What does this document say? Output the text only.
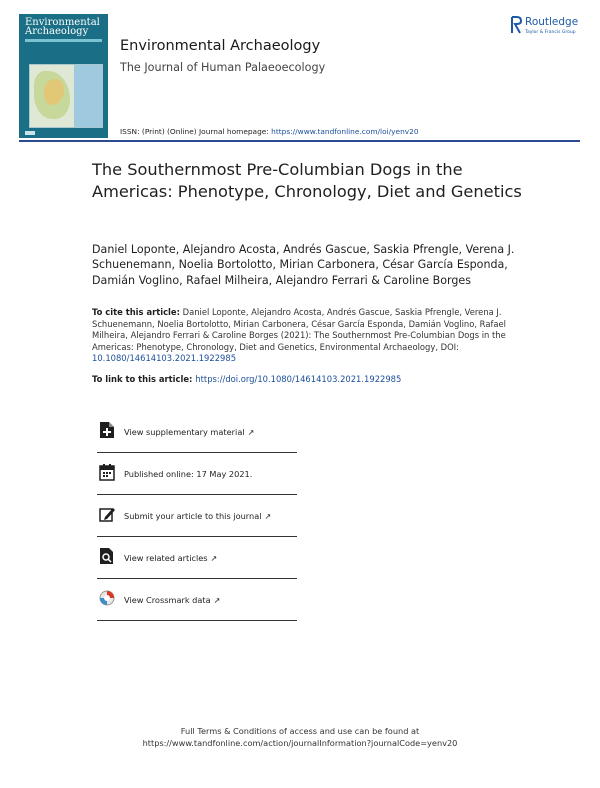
Environmental
Archaeology
Environmental Archaeology
The Journal of Human Palaeoecology
ISSN: (Print) (Online) Journal homepage: https://www.tandfonline.com/loi/yenv20
Routledge
Taylor & Francis Group
The Southernmost Pre-Columbian Dogs in the Americas: Phenotype, Chronology, Diet and Genetics
Daniel Loponte, Alejandro Acosta, Andrés Gascue, Saskia Pfrengle, Verena J. Schuenemann, Noelia Bortolotto, Mirian Carbonera, César García Esponda, Damián Voglino, Rafael Milheira, Alejandro Ferrari & Caroline Borges
To cite this article: Daniel Loponte, Alejandro Acosta, Andrés Gascue, Saskia Pfrengle, Verena J. Schuenemann, Noelia Bortolotto, Mirian Carbonera, César García Esponda, Damián Voglino, Rafael Milheira, Alejandro Ferrari & Caroline Borges (2021): The Southernmost Pre-Columbian Dogs in the Americas: Phenotype, Chronology, Diet and Genetics, Environmental Archaeology, DOI: 10.1080/14614103.2021.1922985
To link to this article: https://doi.org/10.1080/14614103.2021.1922985
View supplementary material ↗
Published online: 17 May 2021.
Submit your article to this journal ↗
View related articles ↗
View Crossmark data ↗
Full Terms & Conditions of access and use can be found at
https://www.tandfonline.com/action/journalInformation?journalCode=yenv20
